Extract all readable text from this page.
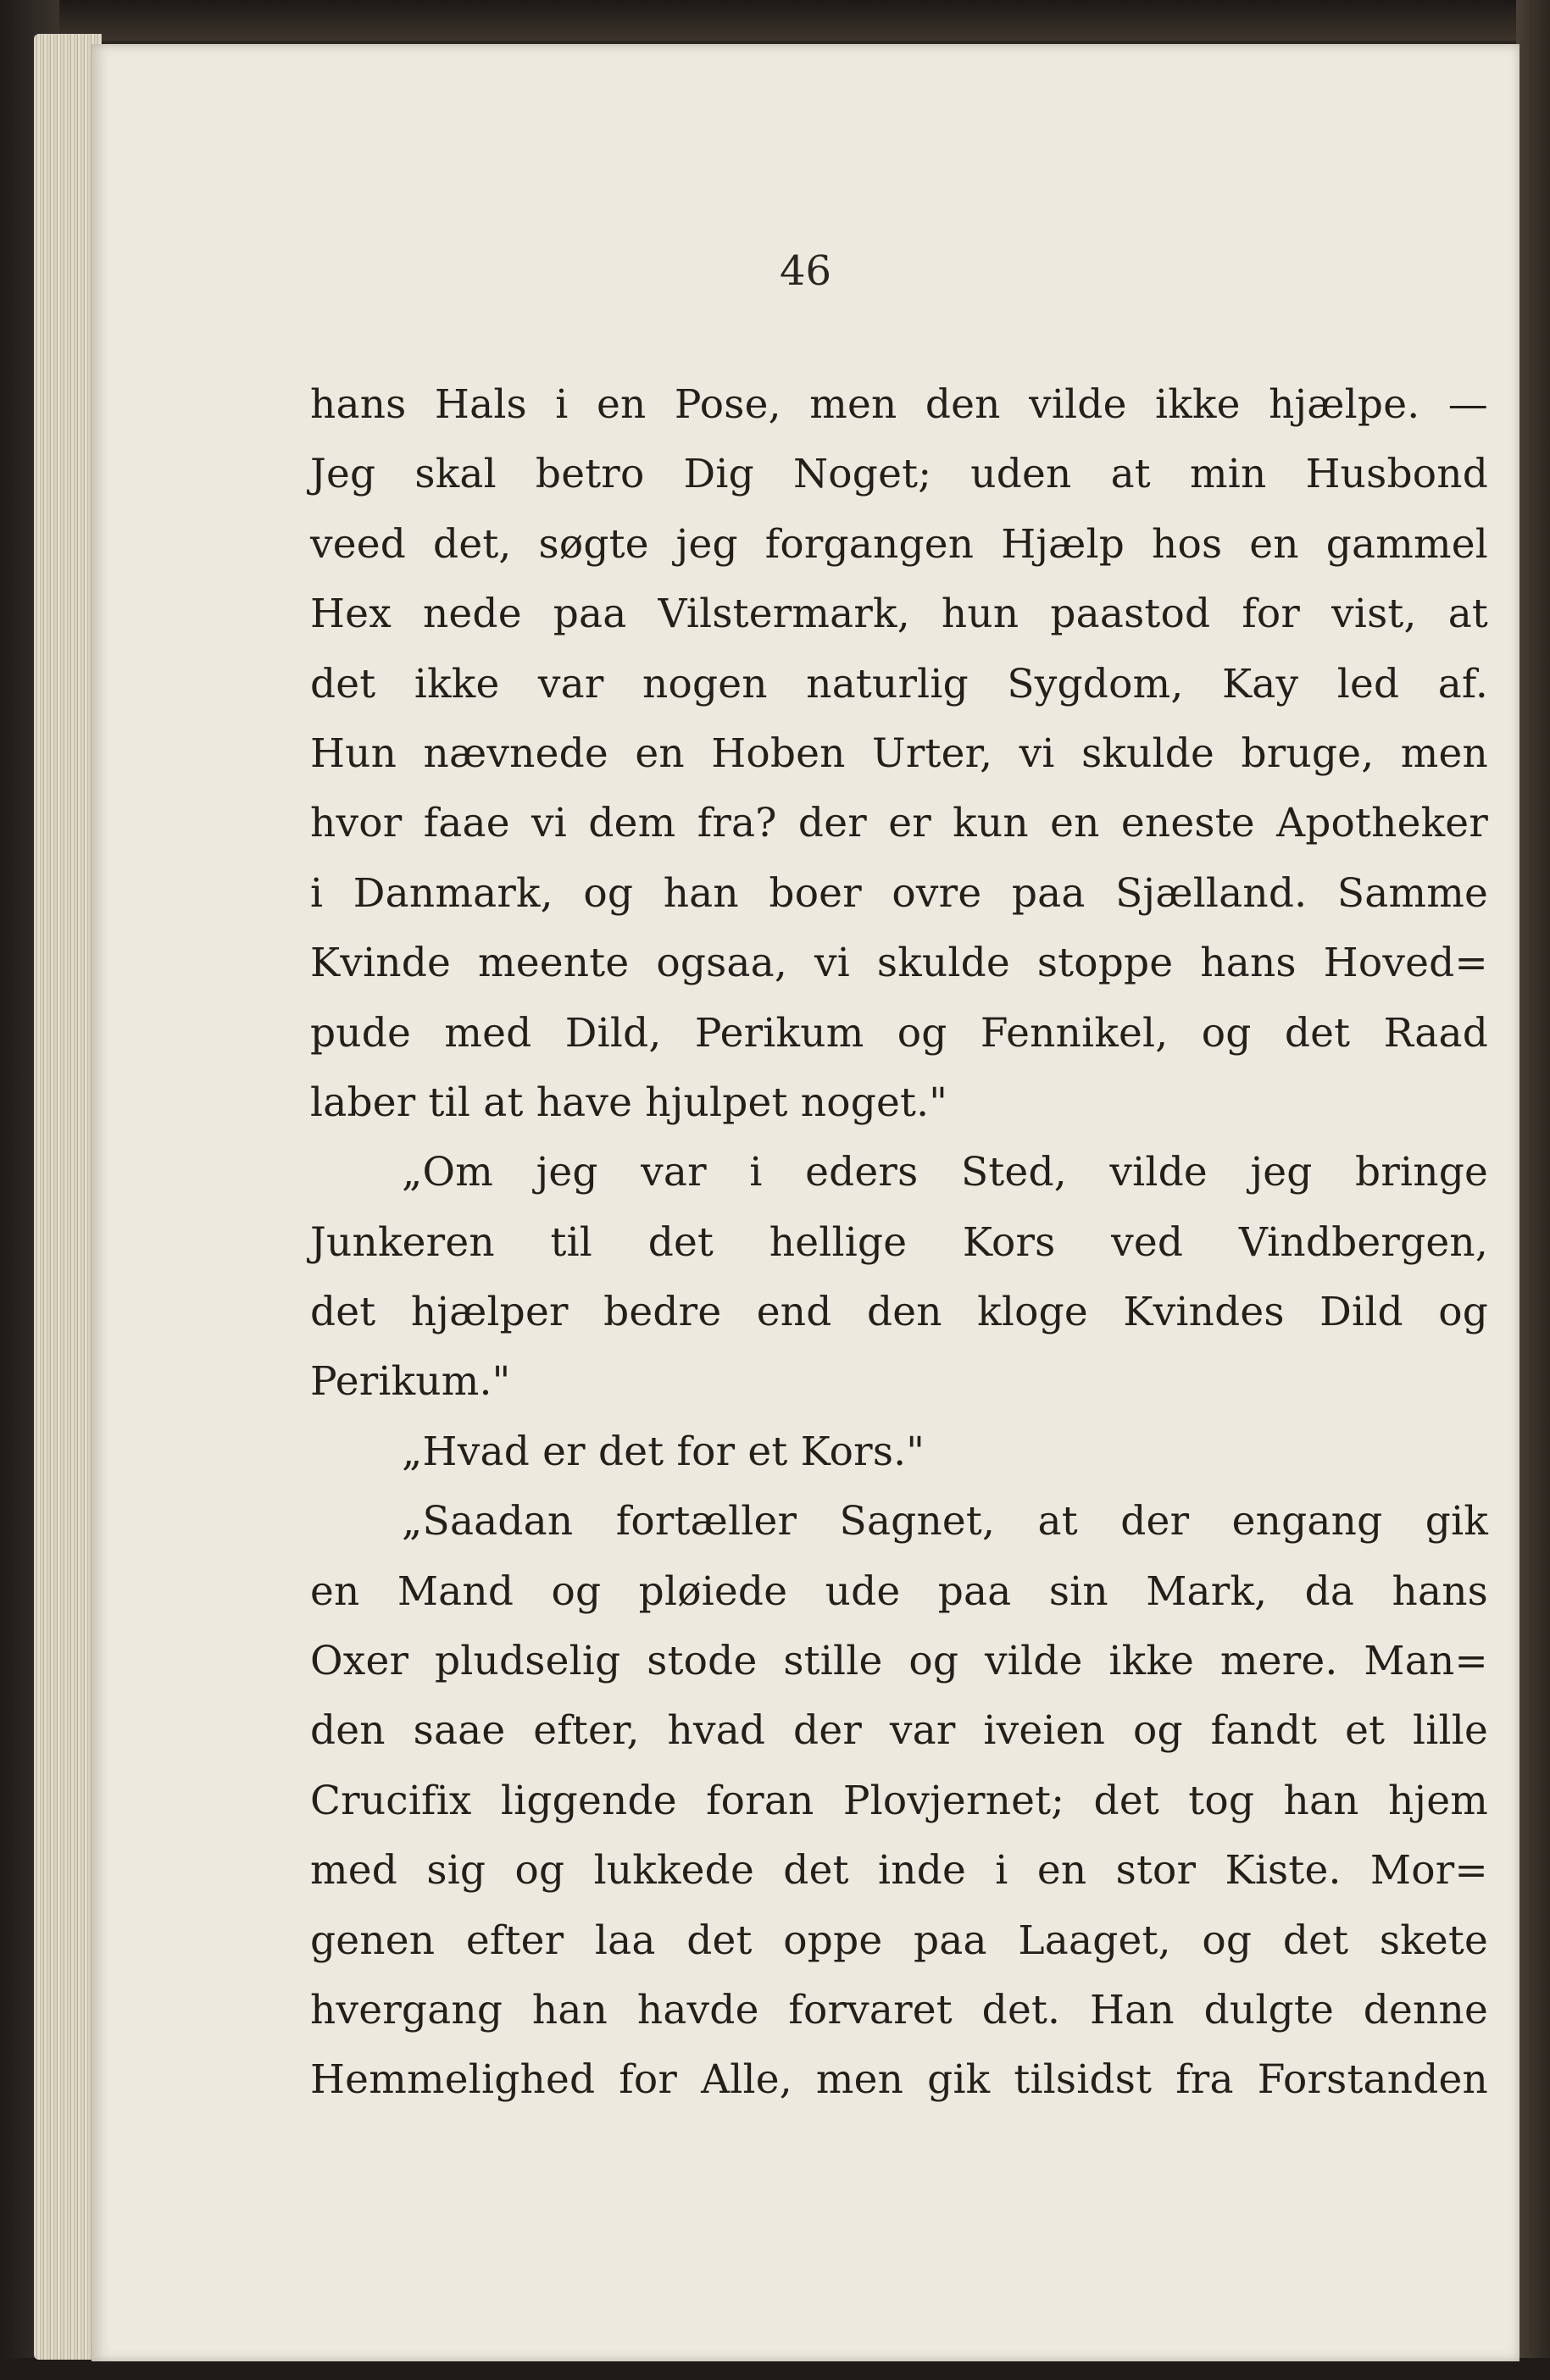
46
hans Hals i en Pose, men den vilde ikke hjælpe. —
Jeg skal betro Dig Noget; uden at min Husbond
veed det, søgte jeg forgangen Hjælp hos en gammel
Hex nede paa Vilstermark, hun paastod for vist, at
det ikke var nogen naturlig Sygdom, Kay led af.
Hun nævnede en Hoben Urter, vi skulde bruge, men
hvor faae vi dem fra? der er kun en eneste Apotheker
i Danmark, og han boer ovre paa Sjælland. Samme
Kvinde meente ogsaa, vi skulde stoppe hans Hoved=
pude med Dild, Perikum og Fennikel, og det Raad
laber til at have hjulpet noget."
„Om jeg var i eders Sted, vilde jeg bringe
Junkeren til det hellige Kors ved Vindbergen,
det hjælper bedre end den kloge Kvindes Dild og
Perikum."
„Hvad er det for et Kors."
„Saadan fortæller Sagnet, at der engang gik
en Mand og pløiede ude paa sin Mark, da hans
Oxer pludselig stode stille og vilde ikke mere. Man=
den saae efter, hvad der var iveien og fandt et lille
Crucifix liggende foran Plovjernet; det tog han hjem
med sig og lukkede det inde i en stor Kiste. Mor=
genen efter laa det oppe paa Laaget, og det skete
hvergang han havde forvaret det. Han dulgte denne
Hemmelighed for Alle, men gik tilsidst fra Forstanden
